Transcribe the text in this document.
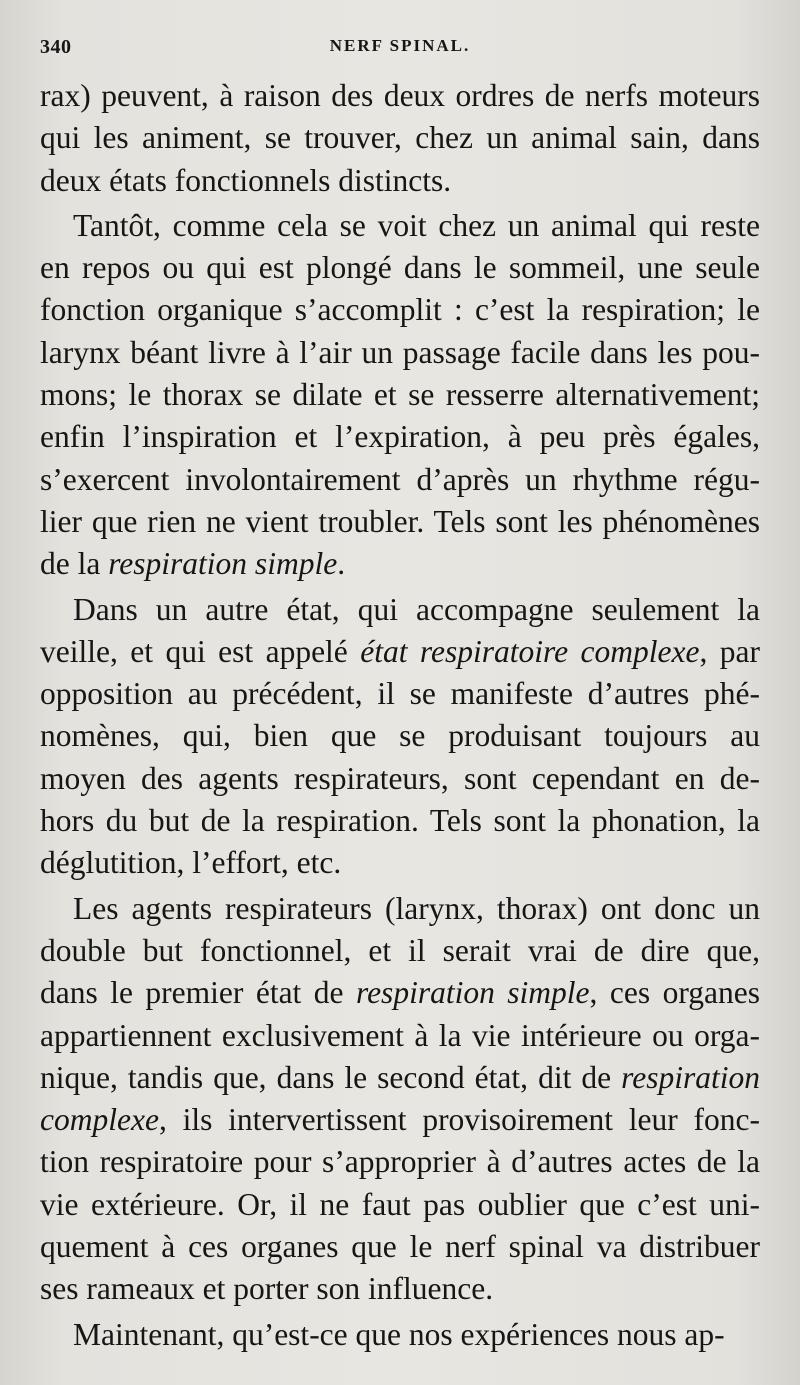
340	NERF SPINAL.
rax) peuvent, à raison des deux ordres de nerfs moteurs
qui les animent, se trouver, chez un animal sain, dans
deux états fonctionnels distincts.
Tantôt, comme cela se voit chez un animal qui reste
en repos ou qui est plongé dans le sommeil, une seule
fonction organique s’accomplit : c’est la respiration; le
larynx béant livre à l’air un passage facile dans les pou-
mons; le thorax se dilate et se resserre alternativement;
enfin l’inspiration et l’expiration, à peu près égales,
s’exercent involontairement d’après un rhythme régu-
lier que rien ne vient troubler. Tels sont les phénomènes
de la respiration simple.
Dans un autre état, qui accompagne seulement la
veille, et qui est appelé état respiratoire complexe, par
opposition au précédent, il se manifeste d’autres phé-
nomènes, qui, bien que se produisant toujours au
moyen des agents respirateurs, sont cependant en de-
hors du but de la respiration. Tels sont la phonation, la
déglutition, l’effort, etc.
Les agents respirateurs (larynx, thorax) ont donc un
double but fonctionnel, et il serait vrai de dire que,
dans le premier état de respiration simple, ces organes
appartiennent exclusivement à la vie intérieure ou orga-
nique, tandis que, dans le second état, dit de respiration
complexe, ils intervertissent provisoirement leur fonc-
tion respiratoire pour s’approprier à d’autres actes de la
vie extérieure. Or, il ne faut pas oublier que c’est uni-
quement à ces organes que le nerf spinal va distribuer
ses rameaux et porter son influence.
Maintenant, qu’est-ce que nos expériences nous ap-
